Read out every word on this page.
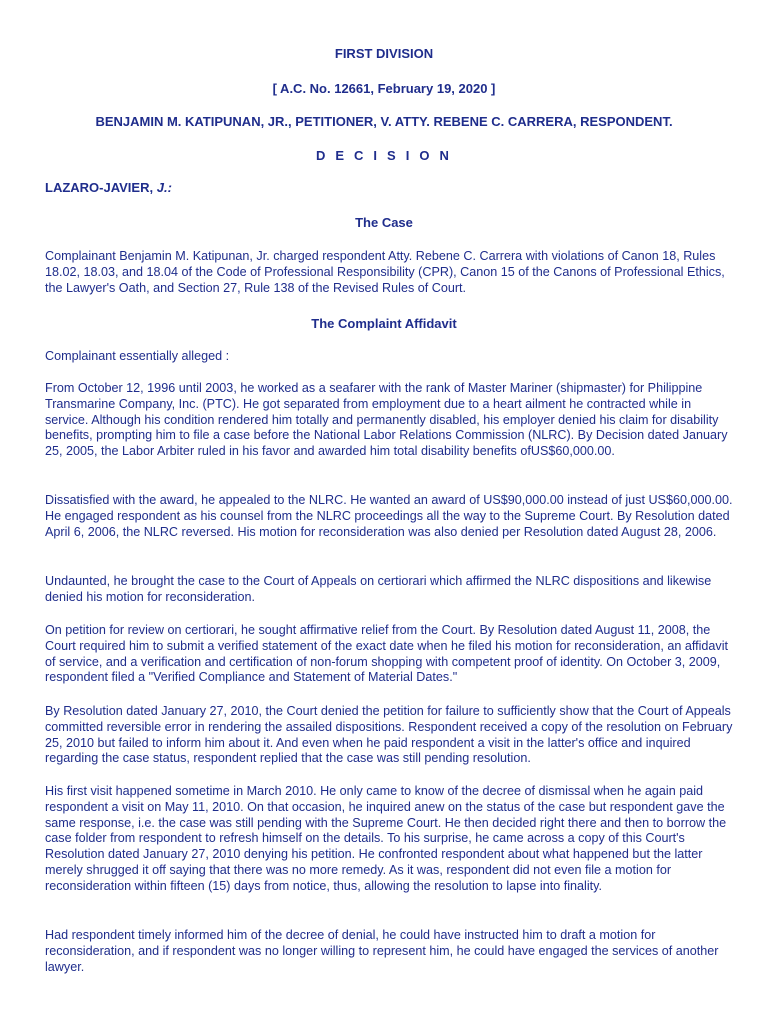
FIRST DIVISION
[ A.C. No. 12661, February 19, 2020 ]
BENJAMIN M. KATIPUNAN, JR., PETITIONER, V. ATTY. REBENE C. CARRERA, RESPONDENT.
D E C I S I O N
LAZARO-JAVIER, J.:
The Case
Complainant Benjamin M. Katipunan, Jr. charged respondent Atty. Rebene C. Carrera with violations of Canon 18, Rules 18.02, 18.03, and 18.04 of the Code of Professional Responsibility (CPR), Canon 15 of the Canons of Professional Ethics, the Lawyer's Oath, and Section 27, Rule 138 of the Revised Rules of Court.
The Complaint Affidavit
Complainant essentially alleged :
From October 12, 1996 until 2003, he worked as a seafarer with the rank of Master Mariner (shipmaster) for Philippine Transmarine Company, Inc. (PTC). He got separated from employment due to a heart ailment he contracted while in service. Although his condition rendered him totally and permanently disabled, his employer denied his claim for disability benefits, prompting him to file a case before the National Labor Relations Commission (NLRC). By Decision dated January 25, 2005, the Labor Arbiter ruled in his favor and awarded him total disability benefits ofUS$60,000.00.
Dissatisfied with the award, he appealed to the NLRC. He wanted an award of US$90,000.00 instead of just US$60,000.00. He engaged respondent as his counsel from the NLRC proceedings all the way to the Supreme Court. By Resolution dated April 6, 2006, the NLRC reversed. His motion for reconsideration was also denied per Resolution dated August 28, 2006.
Undaunted, he brought the case to the Court of Appeals on certiorari which affirmed the NLRC dispositions and likewise denied his motion for reconsideration.
On petition for review on certiorari, he sought affirmative relief from the Court. By Resolution dated August 11, 2008, the Court required him to submit a verified statement of the exact date when he filed his motion for reconsideration, an affidavit of service, and a verification and certification of non-forum shopping with competent proof of identity. On October 3, 2009, respondent filed a "Verified Compliance and Statement of Material Dates."
By Resolution dated January 27, 2010, the Court denied the petition for failure to sufficiently show that the Court of Appeals committed reversible error in rendering the assailed dispositions. Respondent received a copy of the resolution on February 25, 2010 but failed to inform him about it. And even when he paid respondent a visit in the latter's office and inquired regarding the case status, respondent replied that the case was still pending resolution.
His first visit happened sometime in March 2010. He only came to know of the decree of dismissal when he again paid respondent a visit on May 11, 2010. On that occasion, he inquired anew on the status of the case but respondent gave the same response, i.e. the case was still pending with the Supreme Court. He then decided right there and then to borrow the case folder from respondent to refresh himself on the details. To his surprise, he came across a copy of this Court's Resolution dated January 27, 2010 denying his petition. He confronted respondent about what happened but the latter merely shrugged it off saying that there was no more remedy. As it was, respondent did not even file a motion for reconsideration within fifteen (15) days from notice, thus, allowing the resolution to lapse into finality.
Had respondent timely informed him of the decree of denial, he could have instructed him to draft a motion for reconsideration, and if respondent was no longer willing to represent him, he could have engaged the services of another lawyer.
